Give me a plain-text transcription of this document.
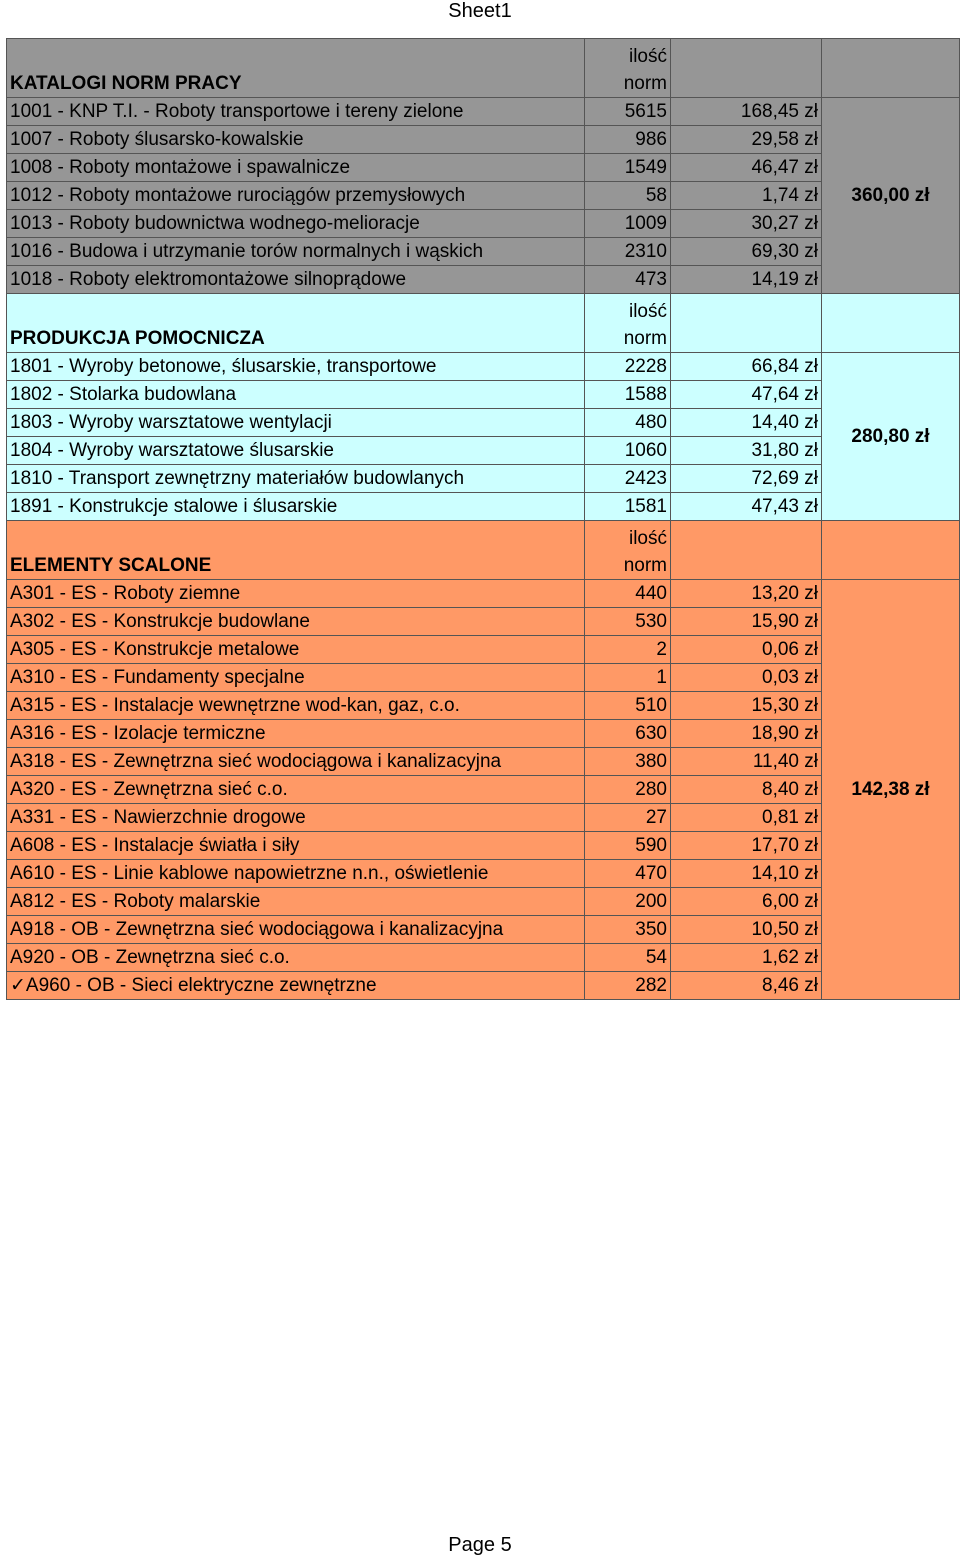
Sheet1
KATALOGI NORM PRACY	ilość norm		
1001 - KNP T.I. - Roboty transportowe i tereny zielone	5615	168,45 zł	360,00 zł
1007 - Roboty ślusarsko-kowalskie	986	29,58 zł	
1008 - Roboty montażowe i spawalnicze	1549	46,47 zł	
1012 - Roboty montażowe rurociągów przemysłowych	58	1,74 zł	
1013 - Roboty budownictwa wodnego-melioracje	1009	30,27 zł	
1016 - Budowa i utrzymanie torów normalnych i wąskich	2310	69,30 zł	
1018 - Roboty elektromontażowe silnoprądowe	473	14,19 zł	
PRODUKCJA POMOCNICZA	ilość norm		
1801 - Wyroby betonowe, ślusarskie, transportowe	2228	66,84 zł	280,80 zł
1802 - Stolarka budowlana	1588	47,64 zł	
1803 - Wyroby warsztatowe wentylacji	480	14,40 zł	
1804 - Wyroby warsztatowe ślusarskie	1060	31,80 zł	
1810 - Transport zewnętrzny materiałów budowlanych	2423	72,69 zł	
1891 - Konstrukcje stalowe i ślusarskie	1581	47,43 zł	
ELEMENTY SCALONE	ilość norm		
A301 - ES - Roboty ziemne	440	13,20 zł	142,38 zł
A302 - ES - Konstrukcje budowlane	530	15,90 zł	
A305 - ES - Konstrukcje metalowe	2	0,06 zł	
A310 - ES - Fundamenty specjalne	1	0,03 zł	
A315 - ES - Instalacje wewnętrzne wod-kan, gaz, c.o.	510	15,30 zł	
A316 - ES - Izolacje termiczne	630	18,90 zł	
A318 - ES - Zewnętrzna sieć wodociągowa i kanalizacyjna	380	11,40 zł	
A320 - ES - Zewnętrzna sieć c.o.	280	8,40 zł	
A331 - ES - Nawierzchnie drogowe	27	0,81 zł	
A608 - ES - Instalacje światła i siły	590	17,70 zł	
A610 - ES - Linie kablowe napowietrzne n.n., oświetlenie	470	14,10 zł	
A812 - ES - Roboty malarskie	200	6,00 zł	
A918 - OB - Zewnętrzna sieć wodociągowa i kanalizacyjna	350	10,50 zł	
A920 - OB - Zewnętrzna sieć c.o.	54	1,62 zł	
✓A960 - OB - Sieci elektryczne zewnętrzne	282	8,46 zł	
Page 5
